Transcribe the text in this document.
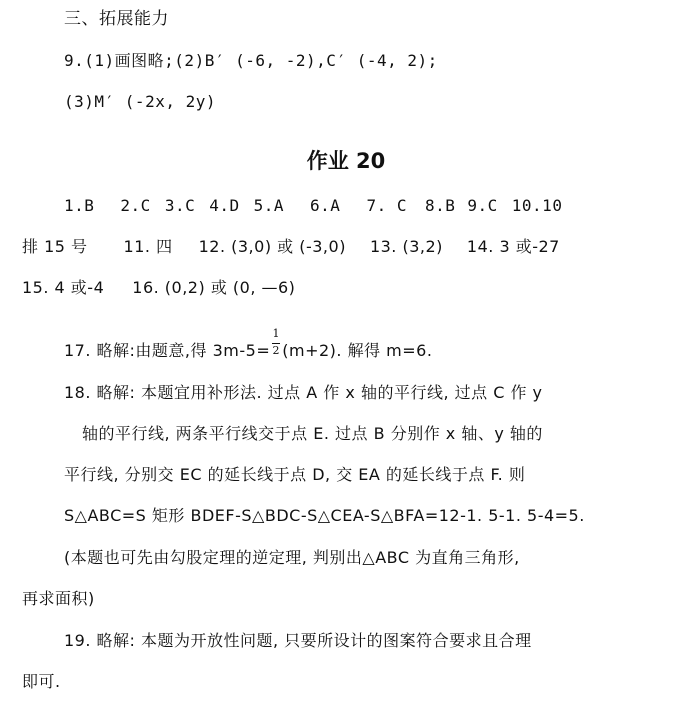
三、拓展能力
9.(1)画图略;(2)B′ (-6, -2),C′ (-4, 2);
(3)M′ (-2x, 2y)
作业 20
1.B 2.C 3.C 4.D 5.A 6.A 7. C 8.B 9.C 10.10
排 15 号 11. 四 12. (3,0) 或 (-3,0) 13. (3,2) 14. 3 或-27
15. 4 或-4 16. (0,2) 或 (0, —6)
17. 略解:由题意,得 $3m-5= \frac{1}{2} (m+2)$. 解得 m=6.
18. 略解: 本题宜用补形法. 过点 A 作 x 轴的平行线, 过点 C 作 y
轴的平行线, 两条平行线交于点 E. 过点 B 分别作 x 轴、y 轴的
平行线, 分别交 EC 的延长线于点 D, 交 EA 的延长线于点 F. 则
S△ABC=S 矩形 BDEF-S△BDC-S△CEA-S△BFA=12-1. 5-1. 5-4=5.
(本题也可先由勾股定理的逆定理, 判别出△ABC 为直角三角形,
再求面积)
19. 略解: 本题为开放性问题, 只要所设计的图案符合要求且合理
即可.
